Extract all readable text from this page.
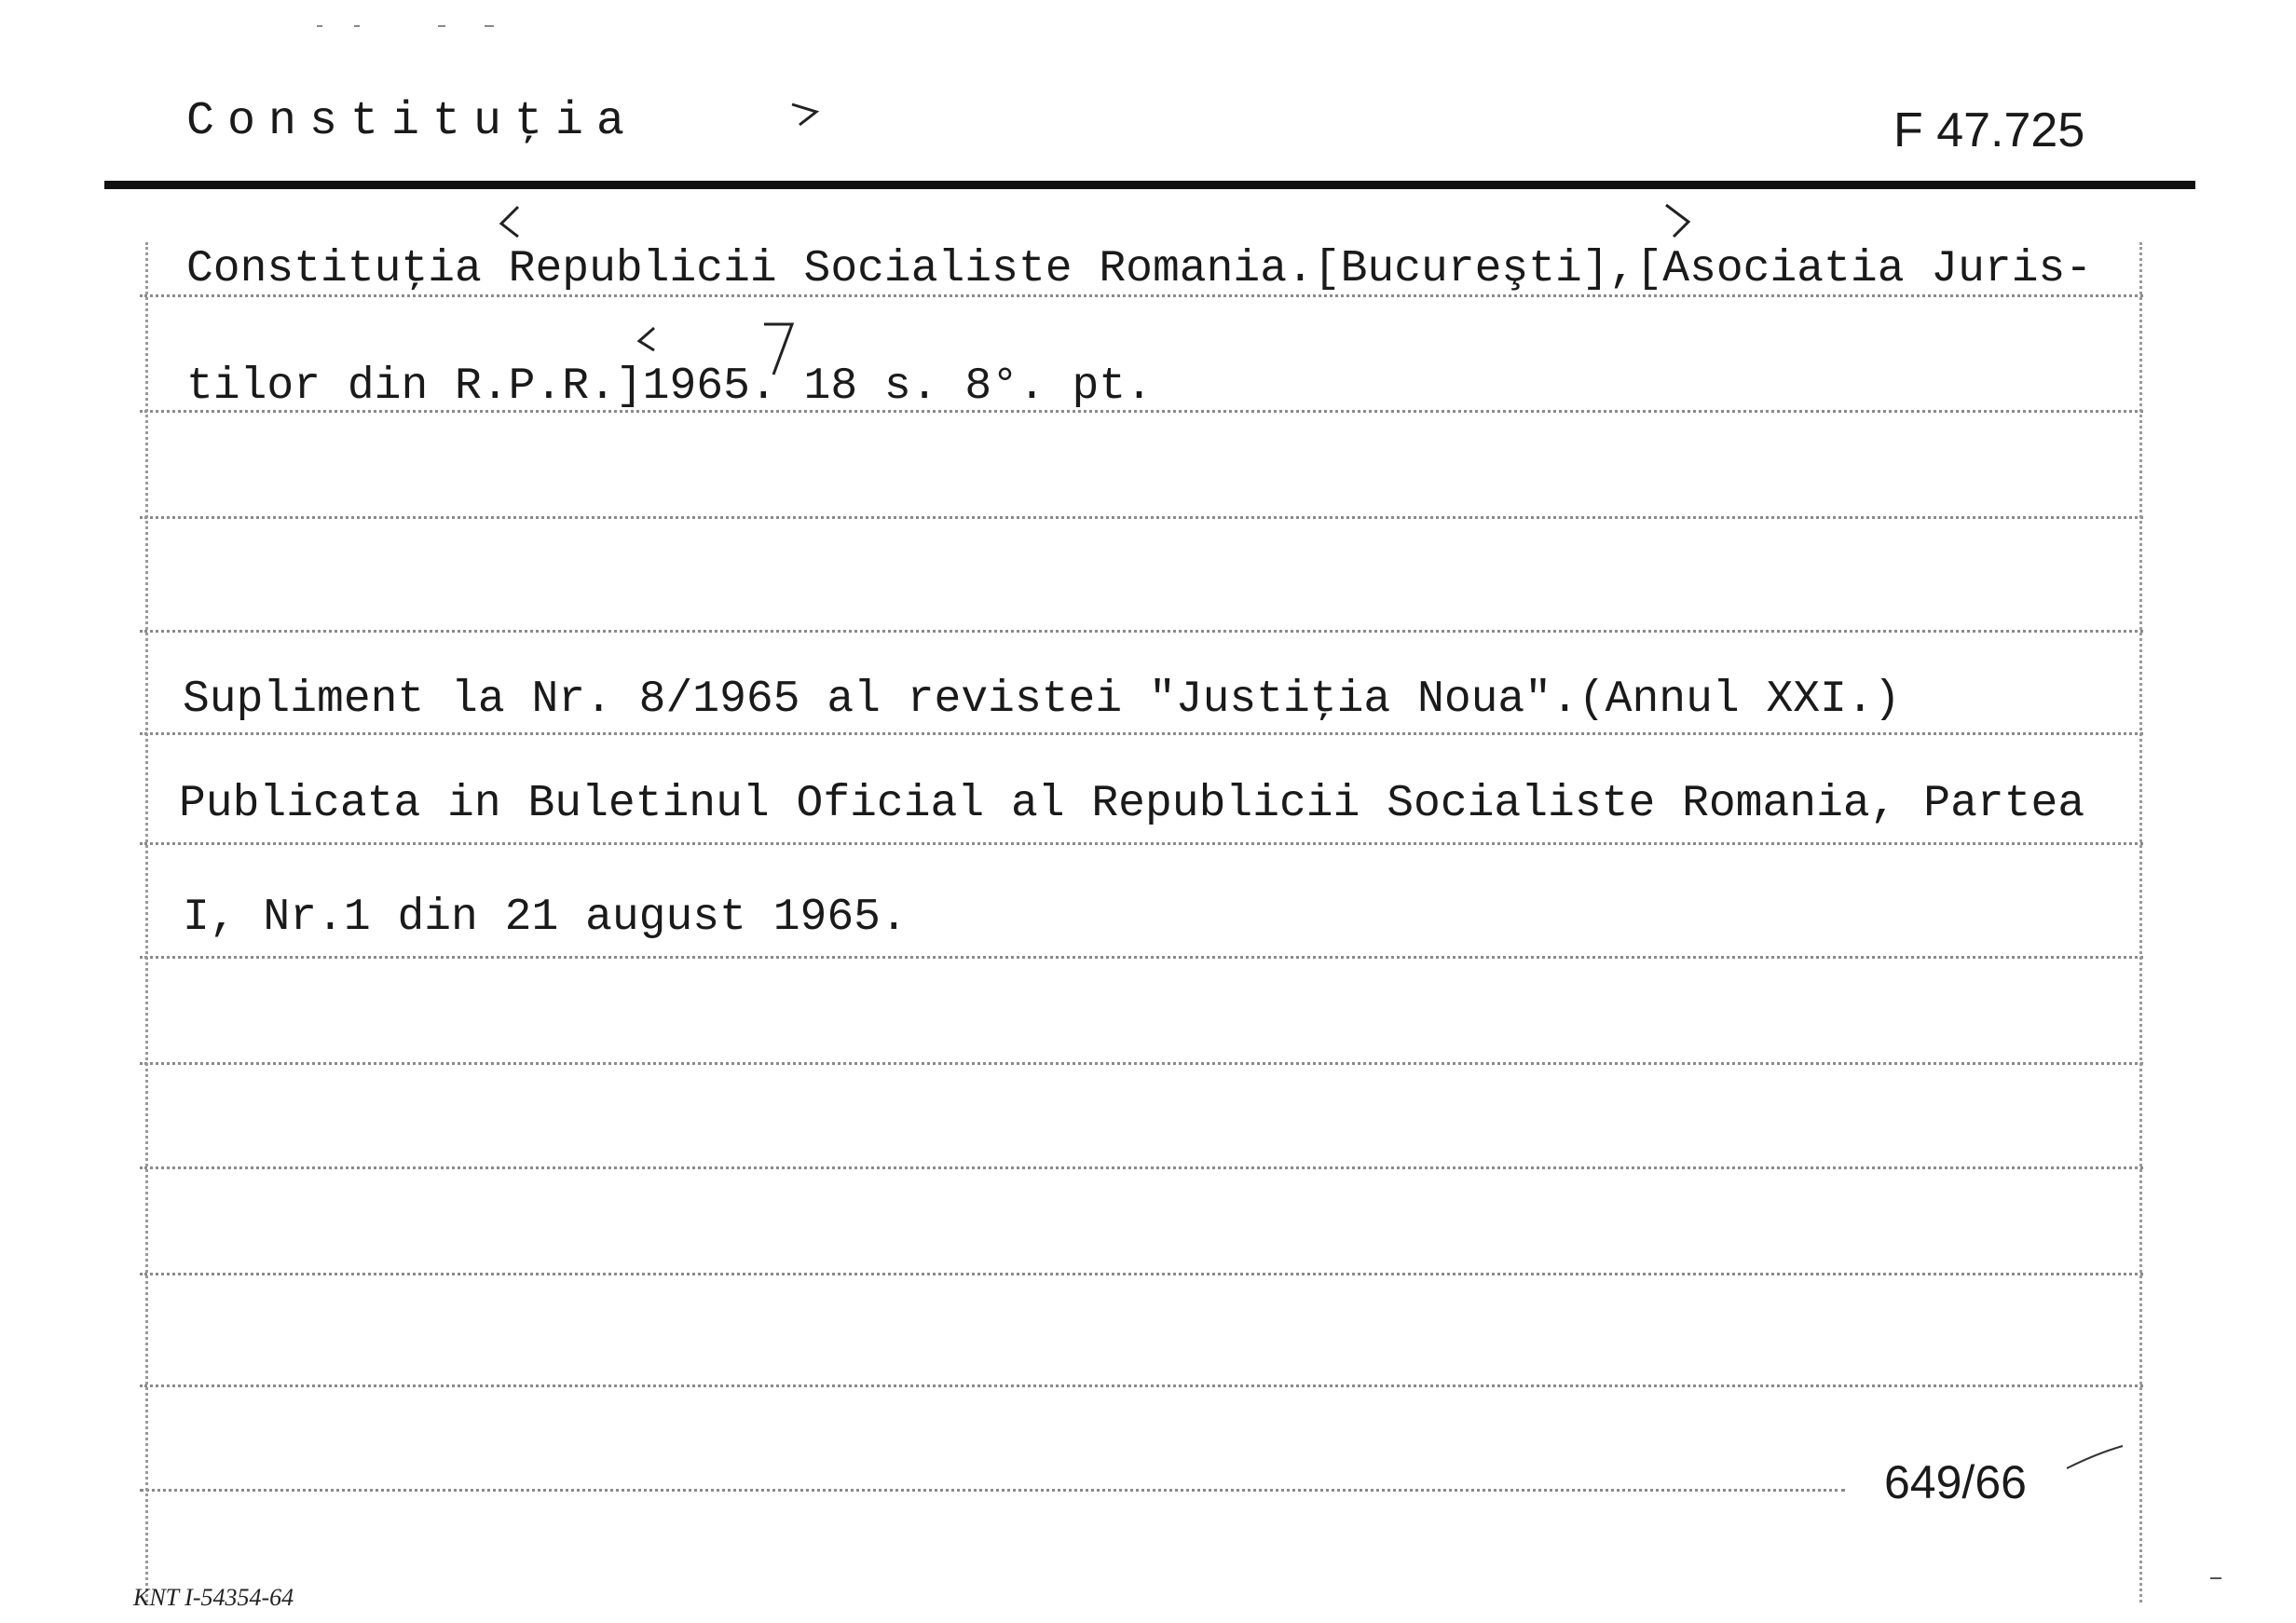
Constituţia	F 47.725
Constituţia Republicii Socialiste Romania.[Bucureşti],[Asociatia Juris-
tilor din R.P.R.]1965. 18 s. 8°. pt.
Supliment la Nr. 8/1965 al revistei "Justiţia Noua".(Annul XXI.)
Publicata in Buletinul Oficial al Republicii Socialiste Romania, Partea
I, Nr.1 din 21 august 1965.
649/66
KNT I-54354-64
